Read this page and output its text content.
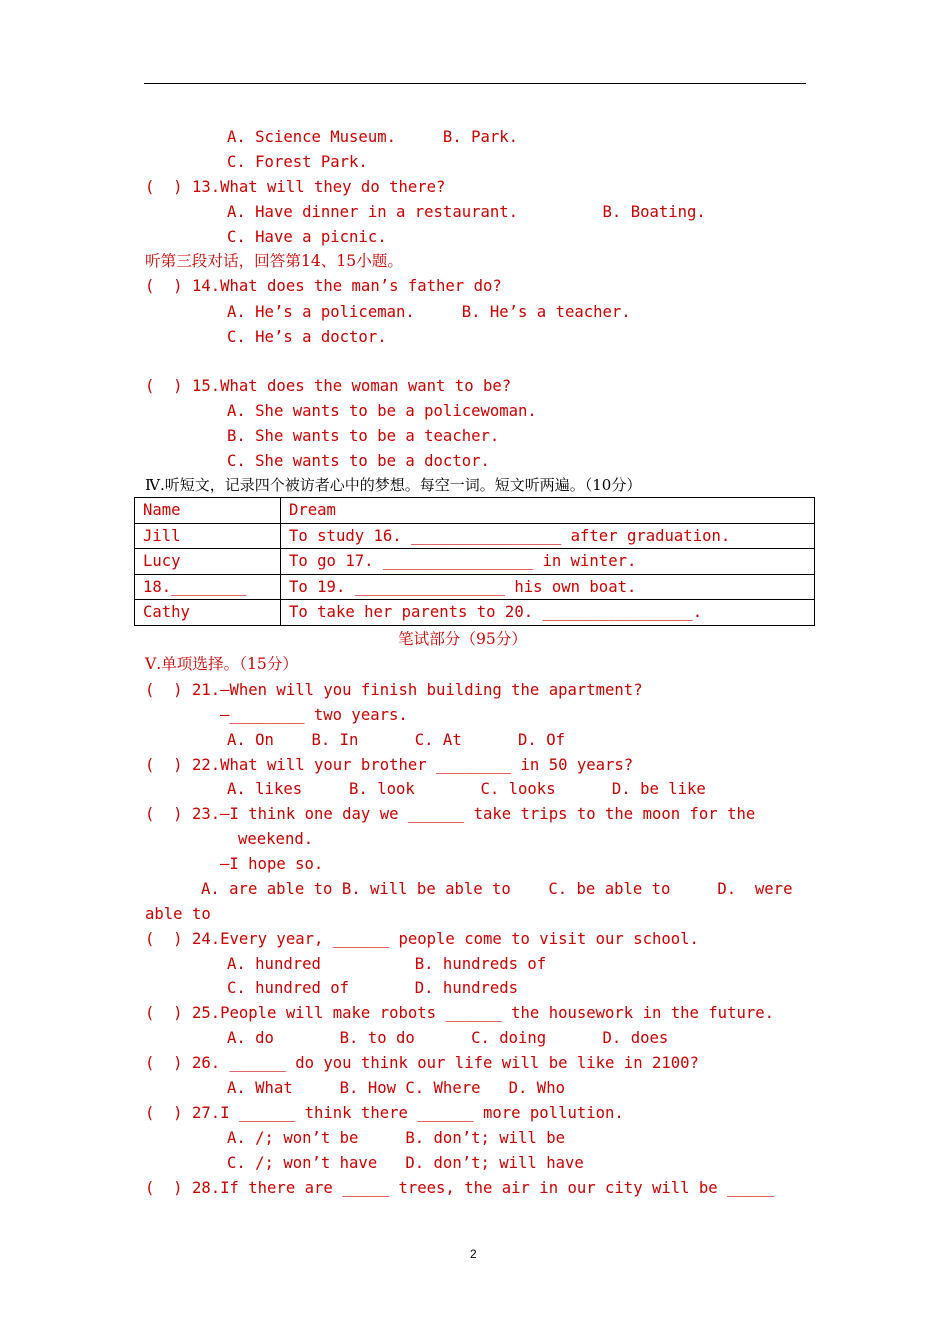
A. Science Museum.     B. Park.
C. Forest Park.
(  ) 13.What will they do there?
A. Have dinner in a restaurant.         B. Boating.
C. Have a picnic.
听第三段对话，回答第14、15小题。
(  ) 14.What does the man’s father do?
A. He’s a policeman.     B. He’s a teacher.
C. He’s a doctor.
(  ) 15.What does the woman want to be?
A. She wants to be a policewoman.
B. She wants to be a teacher.
C. She wants to be a doctor.
Ⅳ.听短文，记录四个被访者心中的梦想。每空一词。短文听两遍。（10分）
Name	Dream
Jill	To study 16. ________________ after graduation.
Lucy	To go 17. ________________ in winter.
18.________	To 19. ________________ his own boat.
Cathy	To take her parents to 20. ________________.
笔试部分（95分）
Ⅴ.单项选择。（15分）
(  ) 21.—When will you finish building the apartment?
—________ two years.
A. On    B. In      C. At      D. Of
(  ) 22.What will your brother ________ in 50 years?
A. likes     B. look       C. looks      D. be like
(  ) 23.—I think one day we ______ take trips to the moon for the
weekend.
—I hope so.
A. are able to B. will be able to    C. be able to     D.  were
able to
(  ) 24.Every year, ______ people come to visit our school.
A. hundred          B. hundreds of
C. hundred of       D. hundreds
(  ) 25.People will make robots ______ the housework in the future.
A. do       B. to do      C. doing      D. does
(  ) 26. ______ do you think our life will be like in 2100?
A. What     B. How C. Where   D. Who
(  ) 27.I ______ think there ______ more pollution.
A. /; won’t be     B. don’t; will be
C. /; won’t have   D. don’t; will have
(  ) 28.If there are _____ trees, the air in our city will be _____
2
